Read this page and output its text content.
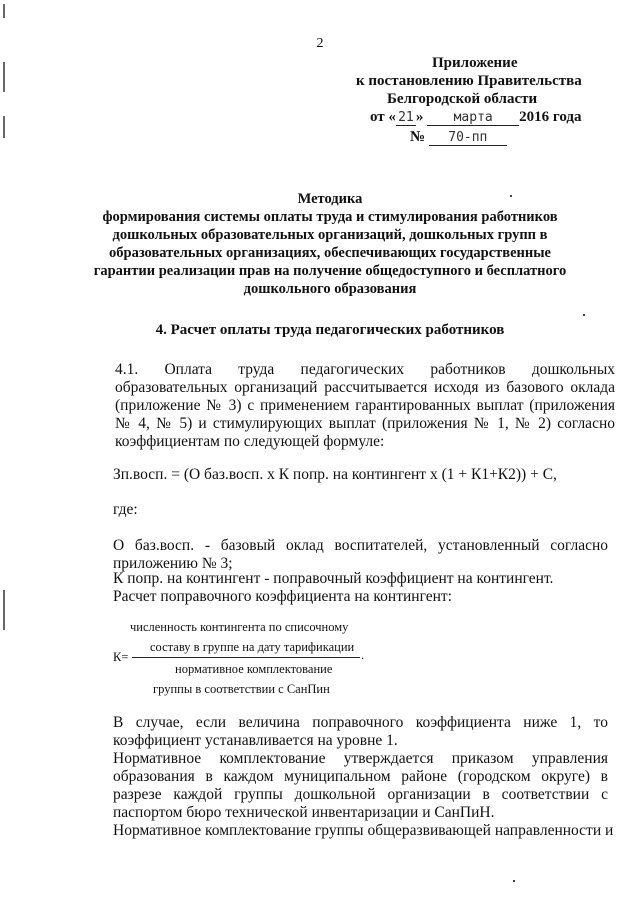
2
Приложение
к постановлению Правительства
Белгородской области
от « 21 » марта 2016 года
№ 70-пп
Методика
формирования системы оплаты труда и стимулирования работников
дошкольных образовательных организаций, дошкольных групп в
образовательных организациях, обеспечивающих государственные
гарантии реализации прав на получение общедоступного и бесплатного
дошкольного образования
4. Расчет оплаты труда педагогических работников
4.1. Оплата труда педагогических работников дошкольных образовательных организаций рассчитывается исходя из базового оклада (приложение № 3) с применением гарантированных выплат (приложения № 4, № 5) и стимулирующих выплат (приложения № 1, № 2) согласно коэффициентам по следующей формуле:
Зп.восп. = (О баз.восп. х К попр. на контингент х (1 + К1+К2)) + С,
где:
О баз.восп. - базовый оклад воспитателей, установленный согласно приложению № 3;
К попр. на контингент - поправочный коэффициент на контингент.
Расчет поправочного коэффициента на контингент:
К=
численность контингента по списочному
составу в группе на дату тарификации
нормативное комплектование
группы в соответствии с СанПин
.
В случае, если величина поправочного коэффициента ниже 1, то коэффициент устанавливается на уровне 1.
Нормативное комплектование утверждается приказом управления образования в каждом муниципальном районе (городском округе) в разрезе каждой группы дошкольной организации в соответствии с паспортом бюро технической инвентаризации и СанПиН.
Нормативное комплектование группы общеразвивающей направленности и
